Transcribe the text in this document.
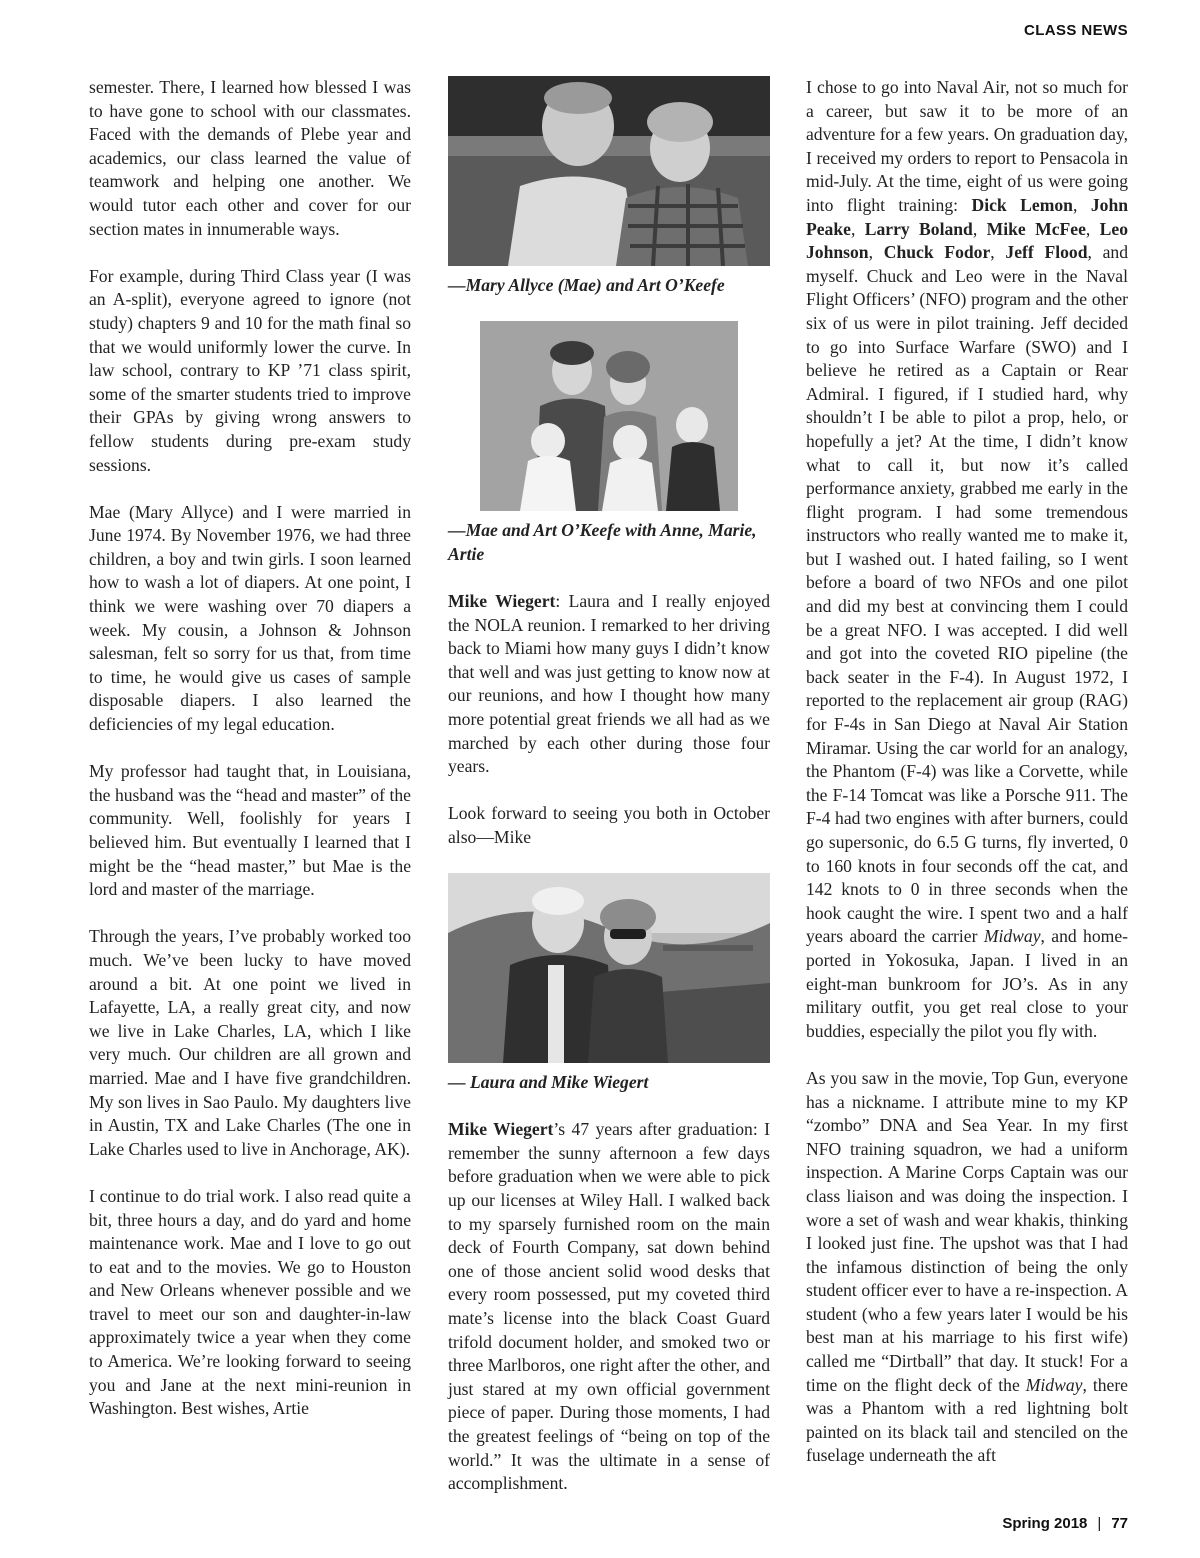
CLASS NEWS

semester. There, I learned how blessed I was to have gone to school with our classmates. Faced with the demands of Plebe year and academics, our class learned the value of teamwork and helping one another. We would tutor each other and cover for our section mates in innumerable ways.

For example, during Third Class year (I was an A-split), everyone agreed to ignore (not study) chapters 9 and 10 for the math final so that we would uniformly lower the curve. In law school, contrary to KP ’71 class spirit, some of the smarter students tried to improve their GPAs by giving wrong answers to fellow students during pre-exam study sessions.

Mae (Mary Allyce) and I were married in June 1974. By November 1976, we had three children, a boy and twin girls. I soon learned how to wash a lot of diapers. At one point, I think we were washing over 70 diapers a week. My cousin, a Johnson & Johnson salesman, felt so sorry for us that, from time to time, he would give us cases of sample disposable diapers. I also learned the deficiencies of my legal education.

My professor had taught that, in Louisiana, the husband was the “head and master” of the community. Well, foolishly for years I believed him. But eventually I learned that I might be the “head master,” but Mae is the lord and master of the marriage.

Through the years, I’ve probably worked too much. We’ve been lucky to have moved around a bit. At one point we lived in Lafayette, LA, a really great city, and now we live in Lake Charles, LA, which I like very much. Our children are all grown and married. Mae and I have five grandchildren. My son lives in Sao Paulo. My daughters live in Austin, TX and Lake Charles (The one in Lake Charles used to live in Anchorage, AK).

I continue to do trial work. I also read quite a bit, three hours a day, and do yard and home maintenance work. Mae and I love to go out to eat and to the movies. We go to Houston and New Orleans whenever possible and we travel to meet our son and daughter-in-law approximately twice a year when they come to America. We’re looking forward to seeing you and Jane at the next mini-reunion in Washington. Best wishes, Artie

—Mary Allyce (Mae) and Art O’Keefe
—Mae and Art O’Keefe with Anne, Marie, Artie

Mike Wiegert: Laura and I really enjoyed the NOLA reunion. I remarked to her driving back to Miami how many guys I didn’t know that well and was just getting to know now at our reunions, and how I thought how many more potential great friends we all had as we marched by each other during those four years.

Look forward to seeing you both in October also—Mike

— Laura and Mike Wiegert

Mike Wiegert’s 47 years after graduation: I remember the sunny afternoon a few days before graduation when we were able to pick up our licenses at Wiley Hall. I walked back to my sparsely furnished room on the main deck of Fourth Company, sat down behind one of those ancient solid wood desks that every room possessed, put my coveted third mate’s license into the black Coast Guard trifold document holder, and smoked two or three Marlboros, one right after the other, and just stared at my own official government piece of paper. During those moments, I had the greatest feelings of “being on top of the world.” It was the ultimate in a sense of accomplishment.

I chose to go into Naval Air, not so much for a career, but saw it to be more of an adventure for a few years. On graduation day, I received my orders to report to Pensacola in mid-July. At the time, eight of us were going into flight training: Dick Lemon, John Peake, Larry Boland, Mike McFee, Leo Johnson, Chuck Fodor, Jeff Flood, and myself. Chuck and Leo were in the Naval Flight Officers’ (NFO) program and the other six of us were in pilot training. Jeff decided to go into Surface Warfare (SWO) and I believe he retired as a Captain or Rear Admiral. I figured, if I studied hard, why shouldn’t I be able to pilot a prop, helo, or hopefully a jet? At the time, I didn’t know what to call it, but now it’s called performance anxiety, grabbed me early in the flight program. I had some tremendous instructors who really wanted me to make it, but I washed out. I hated failing, so I went before a board of two NFOs and one pilot and did my best at convincing them I could be a great NFO. I was accepted. I did well and got into the coveted RIO pipeline (the back seater in the F-4). In August 1972, I reported to the replacement air group (RAG) for F-4s in San Diego at Naval Air Station Miramar. Using the car world for an analogy, the Phantom (F-4) was like a Corvette, while the F-14 Tomcat was like a Porsche 911. The F-4 had two engines with after burners, could go supersonic, do 6.5 G turns, fly inverted, 0 to 160 knots in four seconds off the cat, and 142 knots to 0 in three seconds when the hook caught the wire. I spent two and a half years aboard the carrier Midway, and home-ported in Yokosuka, Japan. I lived in an eight-man bunkroom for JO’s. As in any military outfit, you get real close to your buddies, especially the pilot you fly with.

As you saw in the movie, Top Gun, everyone has a nickname. I attribute mine to my KP “zombo” DNA and Sea Year. In my first NFO training squadron, we had a uniform inspection. A Marine Corps Captain was our class liaison and was doing the inspection. I wore a set of wash and wear khakis, thinking I looked just fine. The upshot was that I had the infamous distinction of being the only student officer ever to have a re-inspection. A student (who a few years later I would be his best man at his marriage to his first wife) called me “Dirtball” that day. It stuck! For a time on the flight deck of the Midway, there was a Phantom with a red lightning bolt painted on its black tail and stenciled on the fuselage underneath the aft

Spring 2018 | 77
